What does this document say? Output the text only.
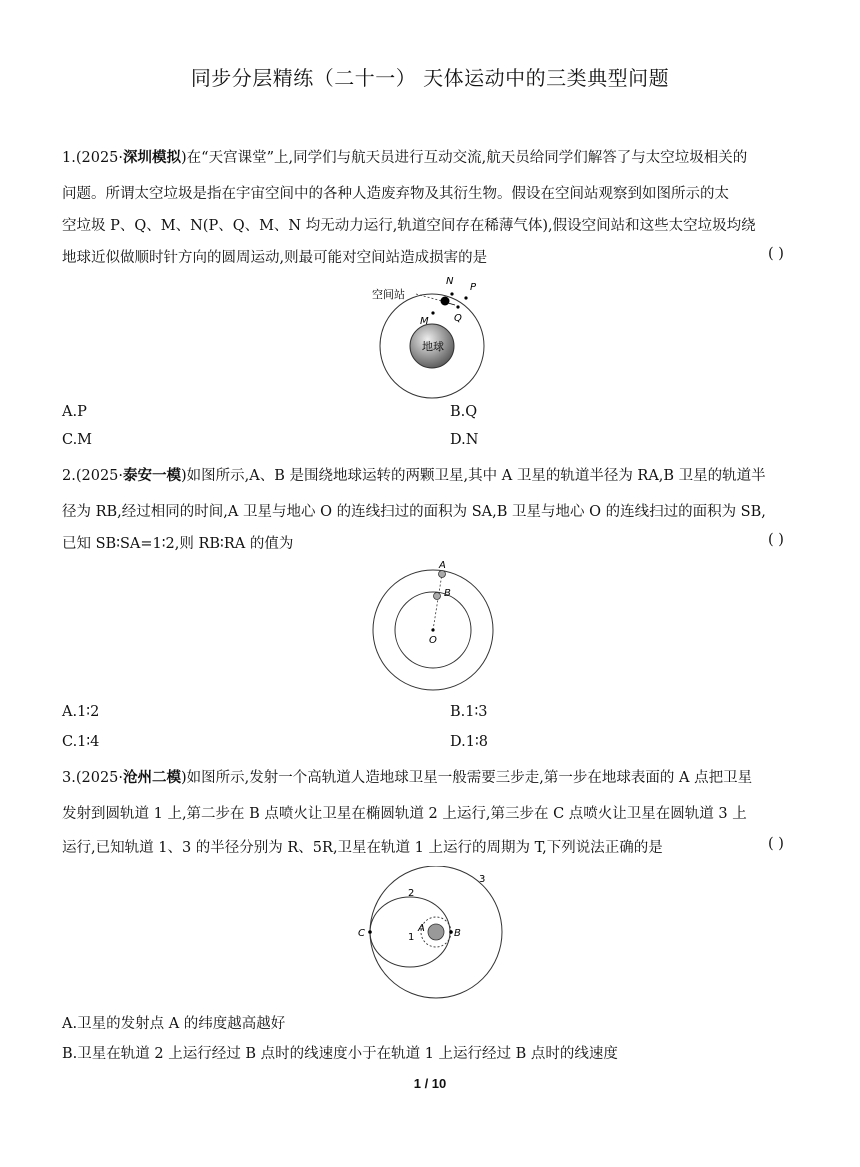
同步分层精练（二十一） 天体运动中的三类典型问题
1.(2025·深圳模拟)在“天宫课堂”上,同学们与航天员进行互动交流,航天员给同学们解答了与太空垃圾相关的
问题。所谓太空垃圾是指在宇宙空间中的各种人造废弃物及其衍生物。假设在空间站观察到如图所示的太
空垃圾 P、Q、M、N(P、Q、M、N 均无动力运行,轨道空间存在稀薄气体),假设空间站和这些太空垃圾均绕
地球近似做顺时针方向的圆周运动,则最可能对空间站造成损害的是	( )
地球
空间站
N
P
Q
M
A.P	B.Q
C.M	D.N
2.(2025·泰安一模)如图所示,A、B 是围绕地球运转的两颗卫星,其中 A 卫星的轨道半径为 RA,B 卫星的轨道半
径为 RB,经过相同的时间,A 卫星与地心 O 的连线扫过的面积为 SA,B 卫星与地心 O 的连线扫过的面积为 SB,
已知 SB∶SA=1∶2,则 RB∶RA 的值为	( )
O
A
B
A.1∶2	B.1∶3
C.1∶4	D.1∶8
3.(2025·沧州二模)如图所示,发射一个高轨道人造地球卫星一般需要三步走,第一步在地球表面的 A 点把卫星
发射到圆轨道 1 上,第二步在 B 点喷火让卫星在椭圆轨道 2 上运行,第三步在 C 点喷火让卫星在圆轨道 3 上
运行,已知轨道 1、3 的半径分别为 R、5R,卫星在轨道 1 上运行的周期为 T,下列说法正确的是	( )
C	B
A
1
2
3
A.卫星的发射点 A 的纬度越高越好
B.卫星在轨道 2 上运行经过 B 点时的线速度小于在轨道 1 上运行经过 B 点时的线速度
1 / 10
